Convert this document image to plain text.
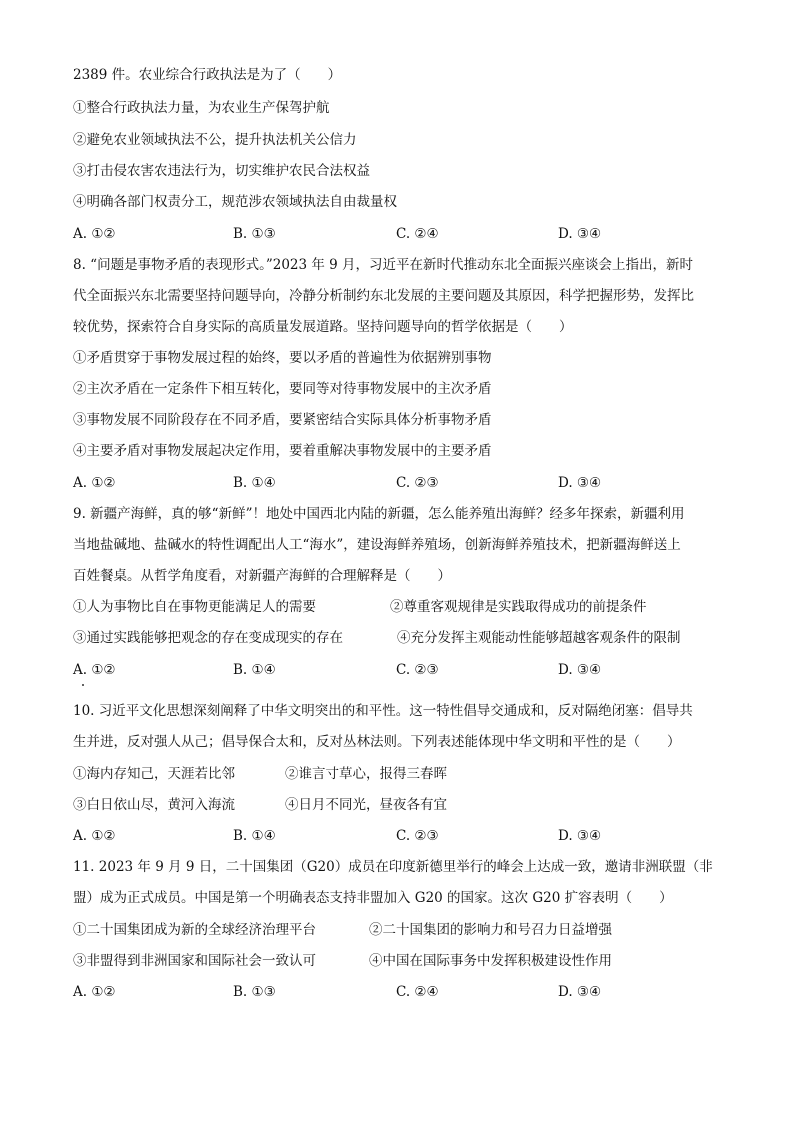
2389 件。农业综合行政执法是为了（　　）
①整合行政执法力量，为农业生产保驾护航
②避免农业领域执法不公，提升执法机关公信力
③打击侵农害农违法行为，切实维护农民合法权益
④明确各部门权责分工，规范涉农领域执法自由裁量权
A. ①②	B. ①③	C. ②④	D. ③④
8. “问题是事物矛盾的表现形式。”2023 年 9 月，习近平在新时代推动东北全面振兴座谈会上指出，新时
代全面振兴东北需要坚持问题导向，冷静分析制约东北发展的主要问题及其原因，科学把握形势，发挥比
较优势，探索符合自身实际的高质量发展道路。坚持问题导向的哲学依据是（　　）
①矛盾贯穿于事物发展过程的始终，要以矛盾的普遍性为依据辨别事物
②主次矛盾在一定条件下相互转化，要同等对待事物发展中的主次矛盾
③事物发展不同阶段存在不同矛盾，要紧密结合实际具体分析事物矛盾
④主要矛盾对事物发展起决定作用，要着重解决事物发展中的主要矛盾
A. ①②	B. ①④	C. ②③	D. ③④
9. 新疆产海鲜，真的够“新鲜”！地处中国西北内陆的新疆，怎么能养殖出海鲜？经多年探索，新疆利用
当地盐碱地、盐碱水的特性调配出人工“海水”，建设海鲜养殖场，创新海鲜养殖技术，把新疆海鲜送上
百姓餐桌。从哲学角度看，对新疆产海鲜的合理解释是（　　）
①人为事物比自在事物更能满足人的需要	②尊重客观规律是实践取得成功的前提条件
③通过实践能够把观念的存在变成现实的存在	④充分发挥主观能动性能够超越客观条件的限制
A. ①②	B. ①④	C. ②③	D. ③④
10. 习近平文化思想深刻阐释了中华文明突出的和平性。这一特性倡导交通成和，反对隔绝闭塞：倡导共
生并进，反对强人从己；倡导保合太和，反对丛林法则。下列表述能体现中华文明和平性的是（　　）
①海内存知己，天涯若比邻	②谁言寸草心，报得三春晖
③白日依山尽，黄河入海流	④日月不同光，昼夜各有宜
A. ①②	B. ①④	C. ②③	D. ③④
11. 2023 年 9 月 9 日，二十国集团（G20）成员在印度新德里举行的峰会上达成一致，邀请非洲联盟（非
盟）成为正式成员。中国是第一个明确表态支持非盟加入 G20 的国家。这次 G20 扩容表明（　　）
①二十国集团成为新的全球经济治理平台	②二十国集团的影响力和号召力日益增强
③非盟得到非洲国家和国际社会一致认可	④中国在国际事务中发挥积极建设性作用
A. ①②	B. ①③	C. ②④	D. ③④
